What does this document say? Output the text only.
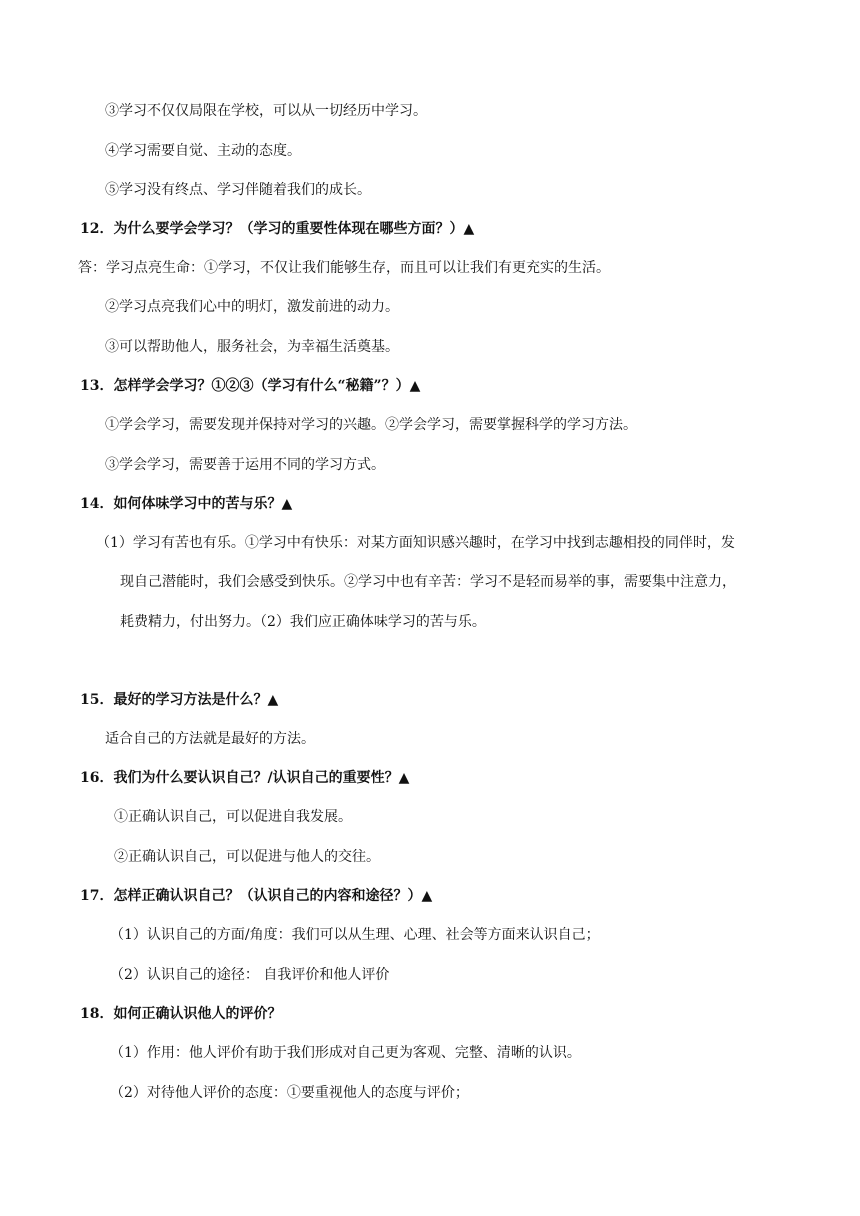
③学习不仅仅局限在学校，可以从一切经历中学习。
④学习需要自觉、主动的态度。
⑤学习没有终点、学习伴随着我们的成长。
12．为什么要学会学习？（学习的重要性体现在哪些方面？）▲
答：学习点亮生命：①学习，不仅让我们能够生存，而且可以让我们有更充实的生活。
②学习点亮我们心中的明灯，激发前进的动力。
③可以帮助他人，服务社会，为幸福生活奠基。
13．怎样学会学习？①②③（学习有什么“秘籍”？）▲
①学会学习，需要发现并保持对学习的兴趣。②学会学习，需要掌握科学的学习方法。
③学会学习，需要善于运用不同的学习方式。
14．如何体味学习中的苦与乐？▲
（1）学习有苦也有乐。①学习中有快乐：对某方面知识感兴趣时，在学习中找到志趣相投的同伴时，发
现自己潜能时，我们会感受到快乐。②学习中也有辛苦：学习不是轻而易举的事，需要集中注意力，
耗费精力，付出努力。（2）我们应正确体味学习的苦与乐。
15．最好的学习方法是什么？▲
适合自己的方法就是最好的方法。
16．我们为什么要认识自己？/认识自己的重要性？▲
①正确认识自己，可以促进自我发展。
②正确认识自己，可以促进与他人的交往。
17．怎样正确认识自己？（认识自己的内容和途径？）▲
（1）认识自己的方面/角度：我们可以从生理、心理、社会等方面来认识自己；
（2）认识自己的途径： 自我评价和他人评价
18．如何正确认识他人的评价？
（1）作用：他人评价有助于我们形成对自己更为客观、完整、清晰的认识。
（2）对待他人评价的态度：①要重视他人的态度与评价；
